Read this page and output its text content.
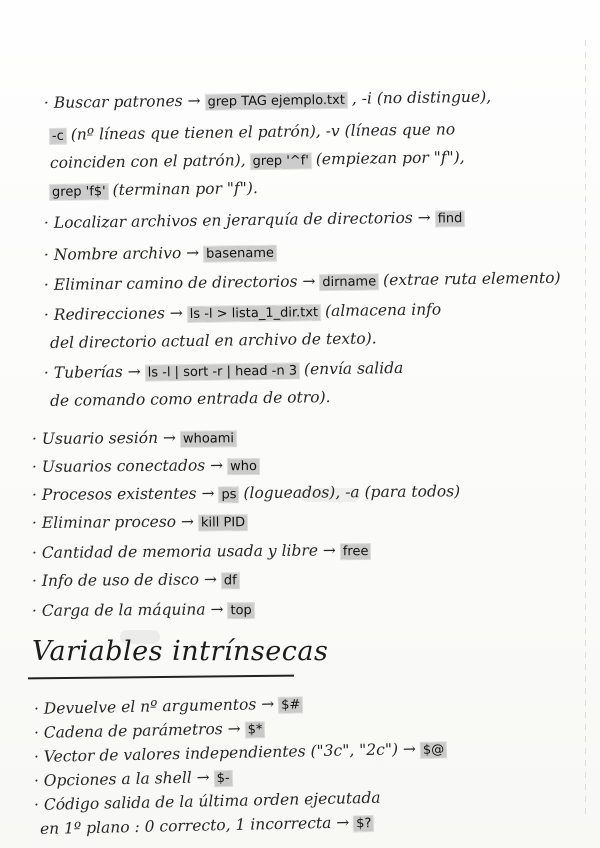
· Buscar patrones → grep TAG ejemplo.txt , -i (no distingue),
-c (nº líneas que tienen el patrón), -v (líneas que no
coinciden con el patrón), grep '^f' (empiezan por "f"),
grep 'f$' (terminan por "f").
· Localizar archivos en jerarquía de directorios → find
· Nombre archivo → basename
· Eliminar camino de directorios → dirname (extrae ruta elemento)
· Redirecciones → ls -l > lista_1_dir.txt (almacena info
del directorio actual en archivo de texto).
· Tuberías → ls -l | sort -r | head -n 3 (envía salida
de comando como entrada de otro).
· Usuario sesión → whoami
· Usuarios conectados → who
· Procesos existentes → ps (logueados), -a (para todos)
· Eliminar proceso → kill PID
· Cantidad de memoria usada y libre → free
· Info de uso de disco → df
· Carga de la máquina → top
Variables intrínsecas
· Devuelve el nº argumentos → $#
· Cadena de parámetros → $*
· Vector de valores independientes ("3c", "2c") → $@
· Opciones a la shell → $-
· Código salida de la última orden ejecutada
en 1º plano : 0 correcto, 1 incorrecta → $?
